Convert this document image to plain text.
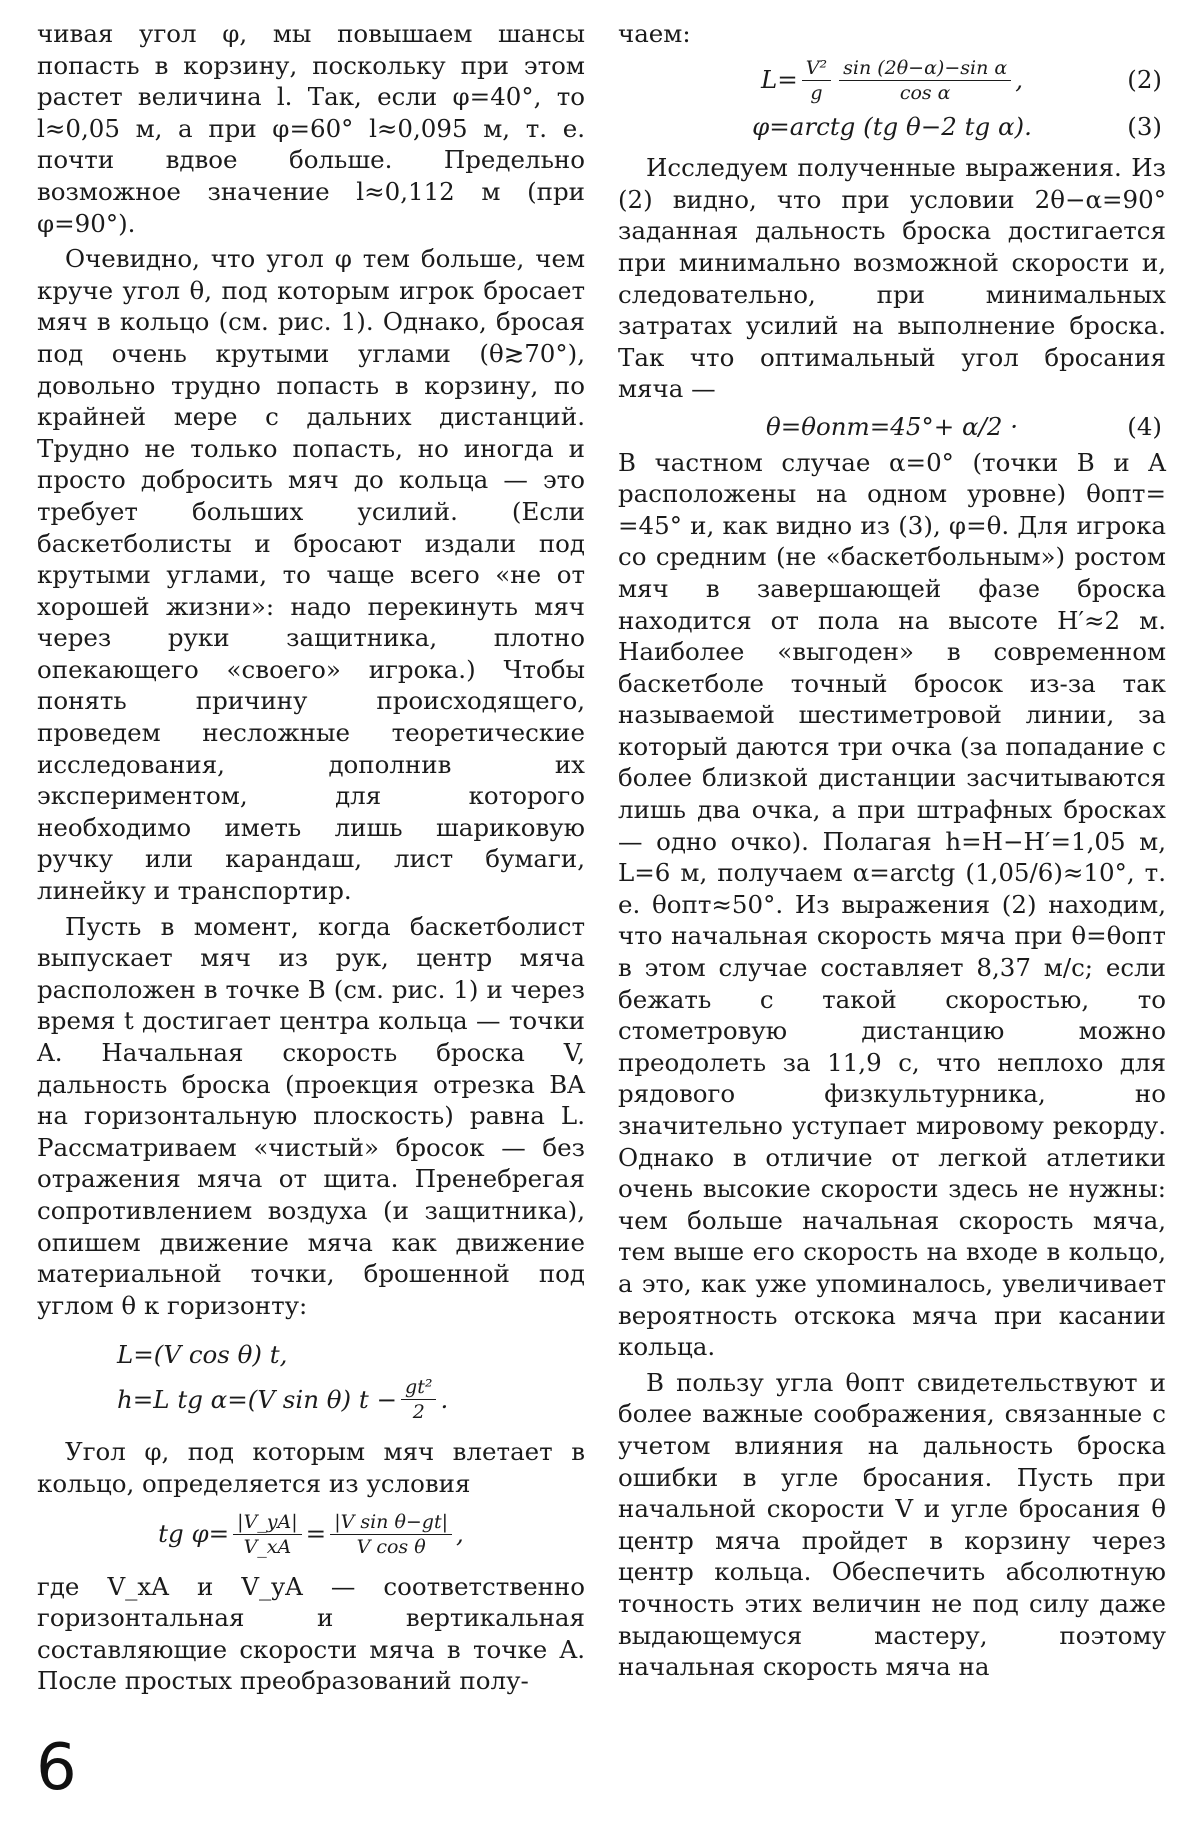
чивая угол φ, мы повышаем шансы попасть в корзину, поскольку при этом растет величина l. Так, если φ=40°, то l≈0,05 м, а при φ=60° l≈0,095 м, т. е. почти вдвое больше. Предельно возможное значение l≈0,112 м (при φ=90°).

Очевидно, что угол φ тем больше, чем круче угол θ, под которым игрок бросает мяч в кольцо (см. рис. 1). Однако, бросая под очень крутыми углами (θ≳70°), довольно трудно попасть в корзину, по крайней мере с дальних дистанций. Трудно не только попасть, но иногда и просто добросить мяч до кольца — это требует больших усилий. (Если баскетболисты и бросают издали под крутыми углами, то чаще всего «не от хорошей жизни»: надо перекинуть мяч через руки защитника, плотно опекающего «своего» игрока.) Чтобы понять причину происходящего, проведем несложные теоретические исследования, дополнив их экспериментом, для которого необходимо иметь лишь шариковую ручку или карандаш, лист бумаги, линейку и транспортир.

Пусть в момент, когда баскетболист выпускает мяч из рук, центр мяча расположен в точке B (см. рис. 1) и через время t достигает центра кольца — точки A. Начальная скорость броска V, дальность броска (проекция отрезка BA на горизонтальную плоскость) равна L. Рассматриваем «чистый» бросок — без отражения мяча от щита. Пренебрегая сопротивлением воздуха (и защитника), опишем движение мяча как движение материальной точки, брошенной под углом θ к горизонту:

L=(V cos θ) t,
h=L tg α=(V sin θ) $t - \frac{\text{gt²}}{2}$ .

Угол φ, под которым мяч влетает в кольцо, определяется из условия

tg $\varphi= \frac{|V\_yA|}{V\_xA} = \frac{\text{|V sin θ−gt|}}{\text{V cos θ}}$ ,

где V_xA и V_yA — соответственно горизонтальная и вертикальная составляющие скорости мяча в точке A. После простых преобразований полу-

чаем:

$L= \frac{\text{V²}}{g} \frac{\text{sin (2θ−α)−sin α}}{\text{cos α}}$ ,	(2)
φ=arctg (tg θ−2 tg α).	(3)

Исследуем полученные выражения. Из (2) видно, что при условии 2θ−α=90° заданная дальность броска достигается при минимально возможной скорости и, следовательно, при минимальных затратах усилий на выполнение броска. Так что оптимальный угол бросания мяча —

θ=θопт=45°+ α/2 ·	(4)

В частном случае α=0° (точки B и A расположены на одном уровне) θопт= =45° и, как видно из (3), φ=θ. Для игрока со средним (не «баскетбольным») ростом мяч в завершающей фазе броска находится от пола на высоте H′≈2 м. Наиболее «выгоден» в современном баскетболе точный бросок из-за так называемой шестиметровой линии, за который даются три очка (за попадание с более близкой дистанции засчитываются лишь два очка, а при штрафных бросках — одно очко). Полагая h=H−H′=1,05 м, L=6 м, получаем α=arctg (1,05/6)≈10°, т. е. θопт≈50°. Из выражения (2) находим, что начальная скорость мяча при θ=θопт в этом случае составляет 8,37 м/с; если бежать с такой скоростью, то стометровую дистанцию можно преодолеть за 11,9 с, что неплохо для рядового физкультурника, но значительно уступает мировому рекорду. Однако в отличие от легкой атлетики очень высокие скорости здесь не нужны: чем больше начальная скорость мяча, тем выше его скорость на входе в кольцо, а это, как уже упоминалось, увеличивает вероятность отскока мяча при касании кольца.

В пользу угла θопт свидетельствуют и более важные соображения, связанные с учетом влияния на дальность броска ошибки в угле бросания. Пусть при начальной скорости V и угле бросания θ центр мяча пройдет в корзину через центр кольца. Обеспечить абсолютную точность этих величин не под силу даже выдающемуся мастеру, поэтому начальная скорость мяча на

6
